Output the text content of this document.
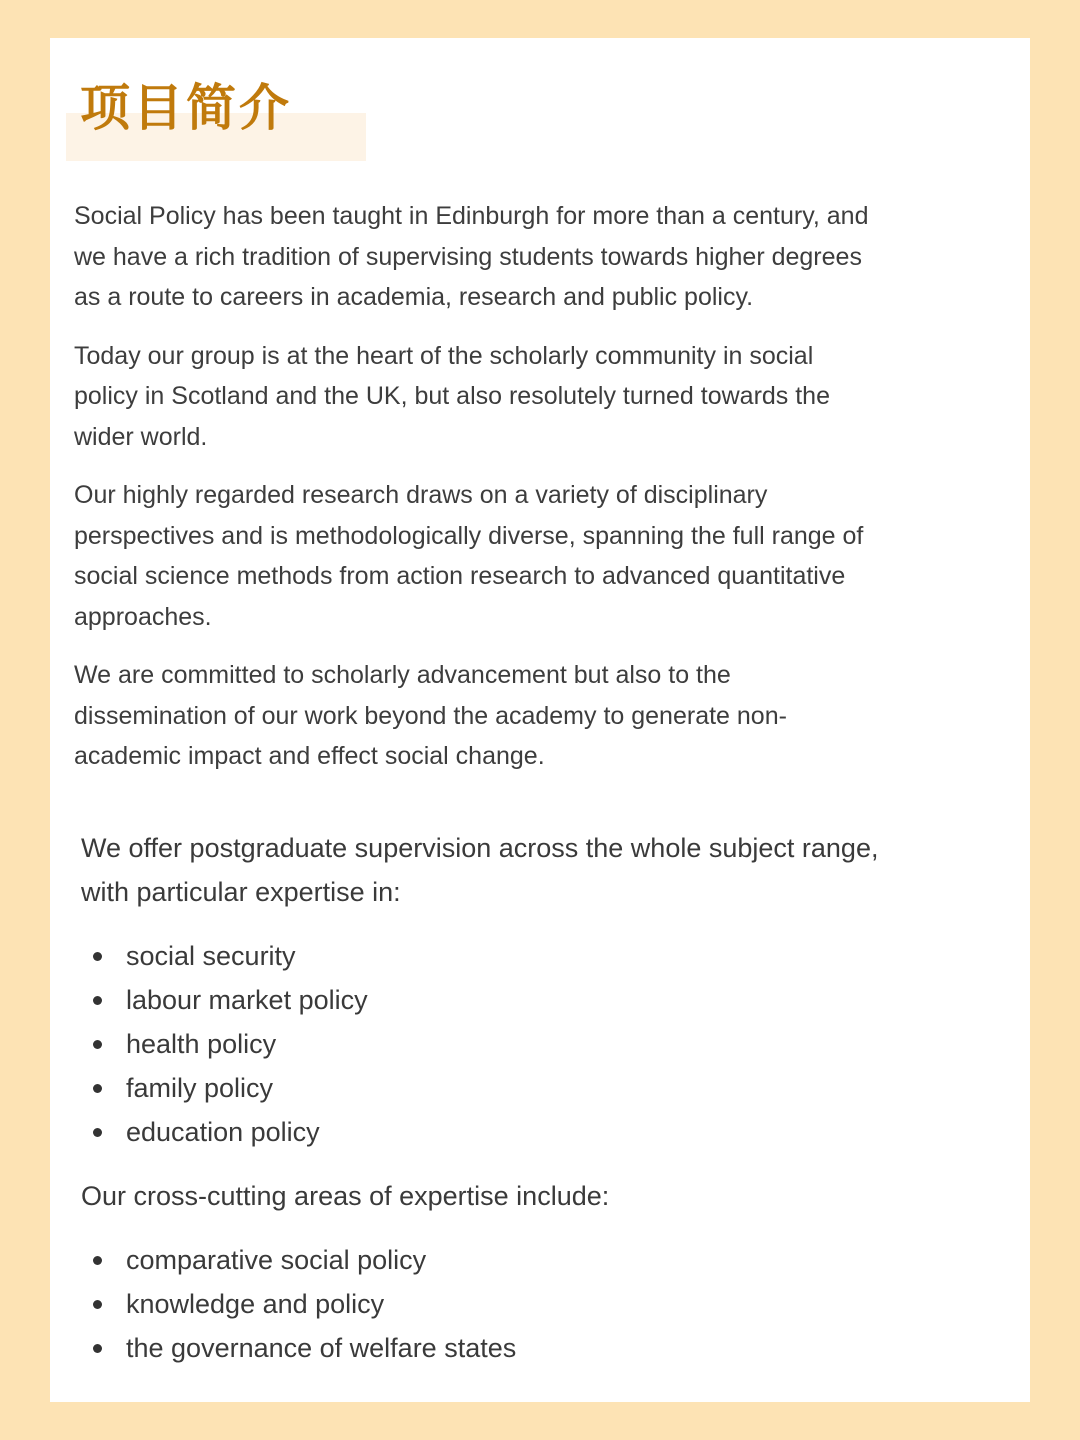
项目简介

Social Policy has been taught in Edinburgh for more than a century, and we have a rich tradition of supervising students towards higher degrees as a route to careers in academia, research and public policy.

Today our group is at the heart of the scholarly community in social policy in Scotland and the UK, but also resolutely turned towards the wider world.

Our highly regarded research draws on a variety of disciplinary perspectives and is methodologically diverse, spanning the full range of social science methods from action research to advanced quantitative approaches.

We are committed to scholarly advancement but also to the dissemination of our work beyond the academy to generate non-academic impact and effect social change.

We offer postgraduate supervision across the whole subject range, with particular expertise in:

social security
labour market policy
health policy
family policy
education policy

Our cross-cutting areas of expertise include:

comparative social policy
knowledge and policy
the governance of welfare states
